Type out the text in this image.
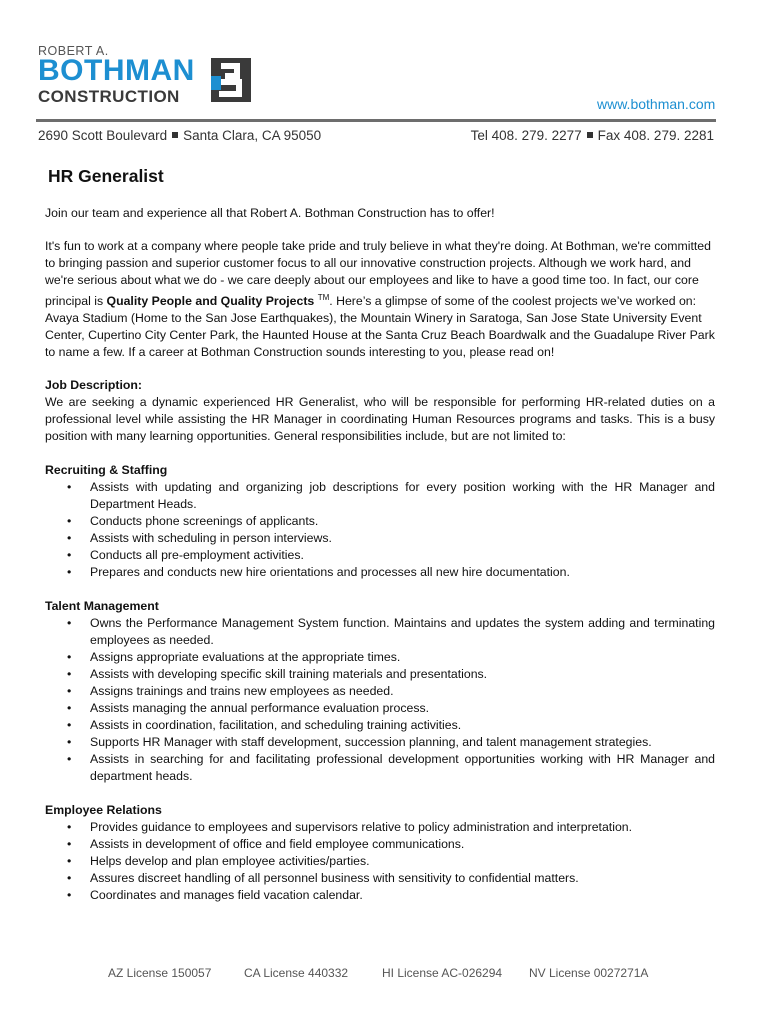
ROBERT A.
BOTHMAN
CONSTRUCTION	www.bothman.com
2690 Scott Boulevard Santa Clara, CA 95050	Tel 408. 279. 2277 Fax 408. 279. 2281
HR Generalist

Join our team and experience all that Robert A. Bothman Construction has to offer!

It's fun to work at a company where people take pride and truly believe in what they're doing. At Bothman, we're committed to bringing passion and superior customer focus to all our innovative construction projects. Although we work hard, and we're serious about what we do - we care deeply about our employees and like to have a good time too. In fact, our core principal is Quality People and Quality Projects ™. Here’s a glimpse of some of the coolest projects we’ve worked on: Avaya Stadium (Home to the San Jose Earthquakes), the Mountain Winery in Saratoga, San Jose State University Event Center, Cupertino City Center Park, the Haunted House at the Santa Cruz Beach Boardwalk and the Guadalupe River Park to name a few. If a career at Bothman Construction sounds interesting to you, please read on!

Job Description:

We are seeking a dynamic experienced HR Generalist, who will be responsible for performing HR-related duties on a professional level while assisting the HR Manager in coordinating Human Resources programs and tasks. This is a busy position with many learning opportunities. General responsibilities include, but are not limited to:

Recruiting & Staffing
• Assists with updating and organizing job descriptions for every position working with the HR Manager and Department Heads.
• Conducts phone screenings of applicants.
• Assists with scheduling in person interviews.
• Conducts all pre-employment activities.
• Prepares and conducts new hire orientations and processes all new hire documentation.
Talent Management
• Owns the Performance Management System function. Maintains and updates the system adding and terminating employees as needed.
• Assigns appropriate evaluations at the appropriate times.
• Assists with developing specific skill training materials and presentations.
• Assigns trainings and trains new employees as needed.
• Assists managing the annual performance evaluation process.
• Assists in coordination, facilitation, and scheduling training activities.
• Supports HR Manager with staff development, succession planning, and talent management strategies.
• Assists in searching for and facilitating professional development opportunities working with HR Manager and department heads.
Employee Relations
• Provides guidance to employees and supervisors relative to policy administration and interpretation.
• Assists in development of office and field employee communications.
• Helps develop and plan employee activities/parties.
• Assures discreet handling of all personnel business with sensitivity to confidential matters.
• Coordinates and manages field vacation calendar.
AZ License 150057	CA License 440332	HI License AC-026294 NV License 0027271A
